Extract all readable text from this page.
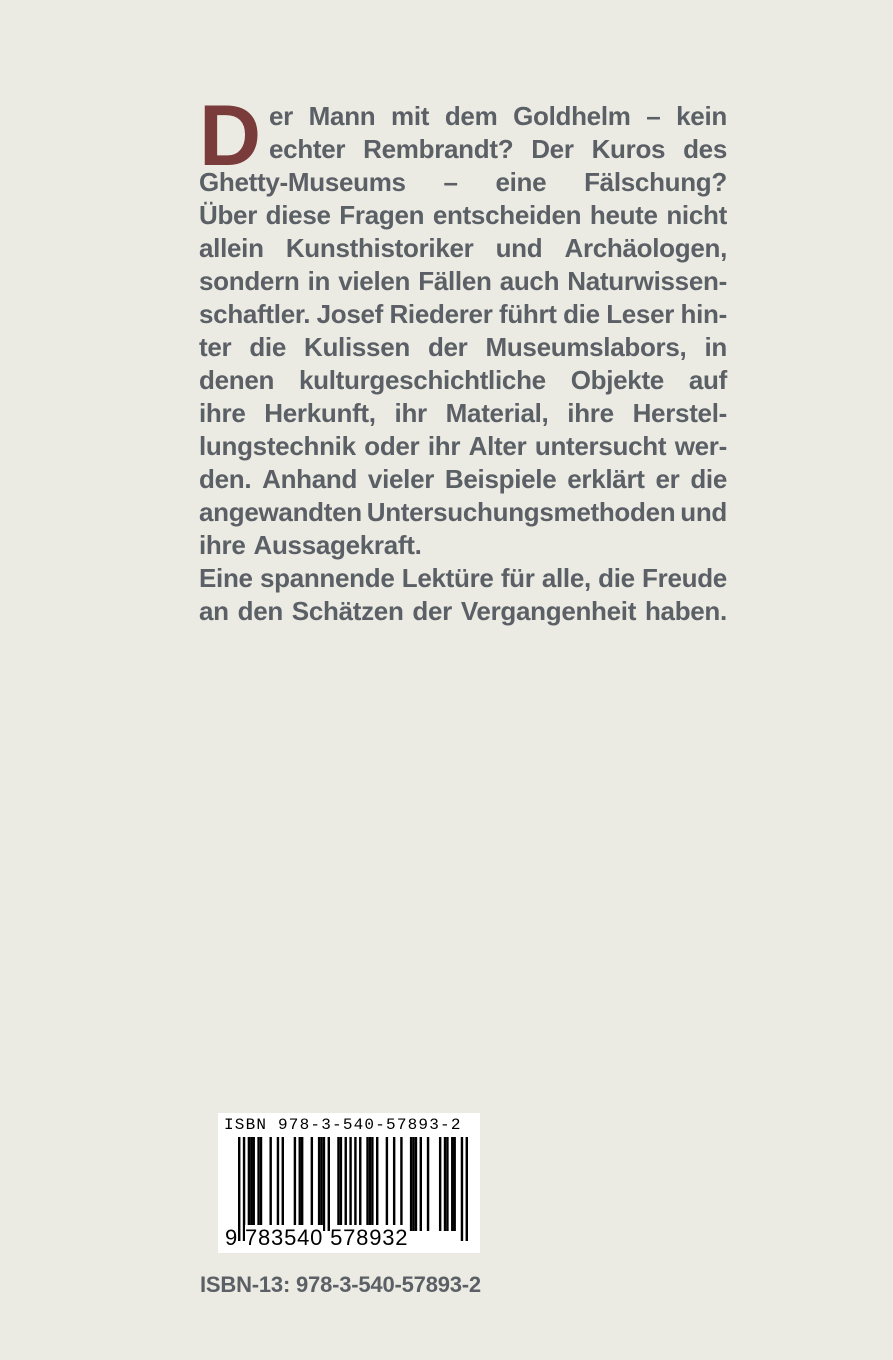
D er Mann mit dem Goldhelm – kein
echter Rembrandt? Der Kuros des
Ghetty-Museums – eine Fälschung?
Über diese Fragen entscheiden heute nicht
allein Kunsthistoriker und Archäologen,
sondern in vielen Fällen auch Naturwissen-
schaftler. Josef Riederer führt die Leser hin-
ter die Kulissen der Museumslabors, in
denen kulturgeschichtliche Objekte auf
ihre Herkunft, ihr Material, ihre Herstel-
lungstechnik oder ihr Alter untersucht wer-
den. Anhand vieler Beispiele erklärt er die
angewandten Untersuchungsmethoden und
ihre Aussagekraft.
Eine spannende Lektüre für alle, die Freude
an den Schätzen der Vergangenheit haben.
ISBN 978-3-540-57893-2
9 783540 578932
ISBN-13: 978-3-540-57893-2
